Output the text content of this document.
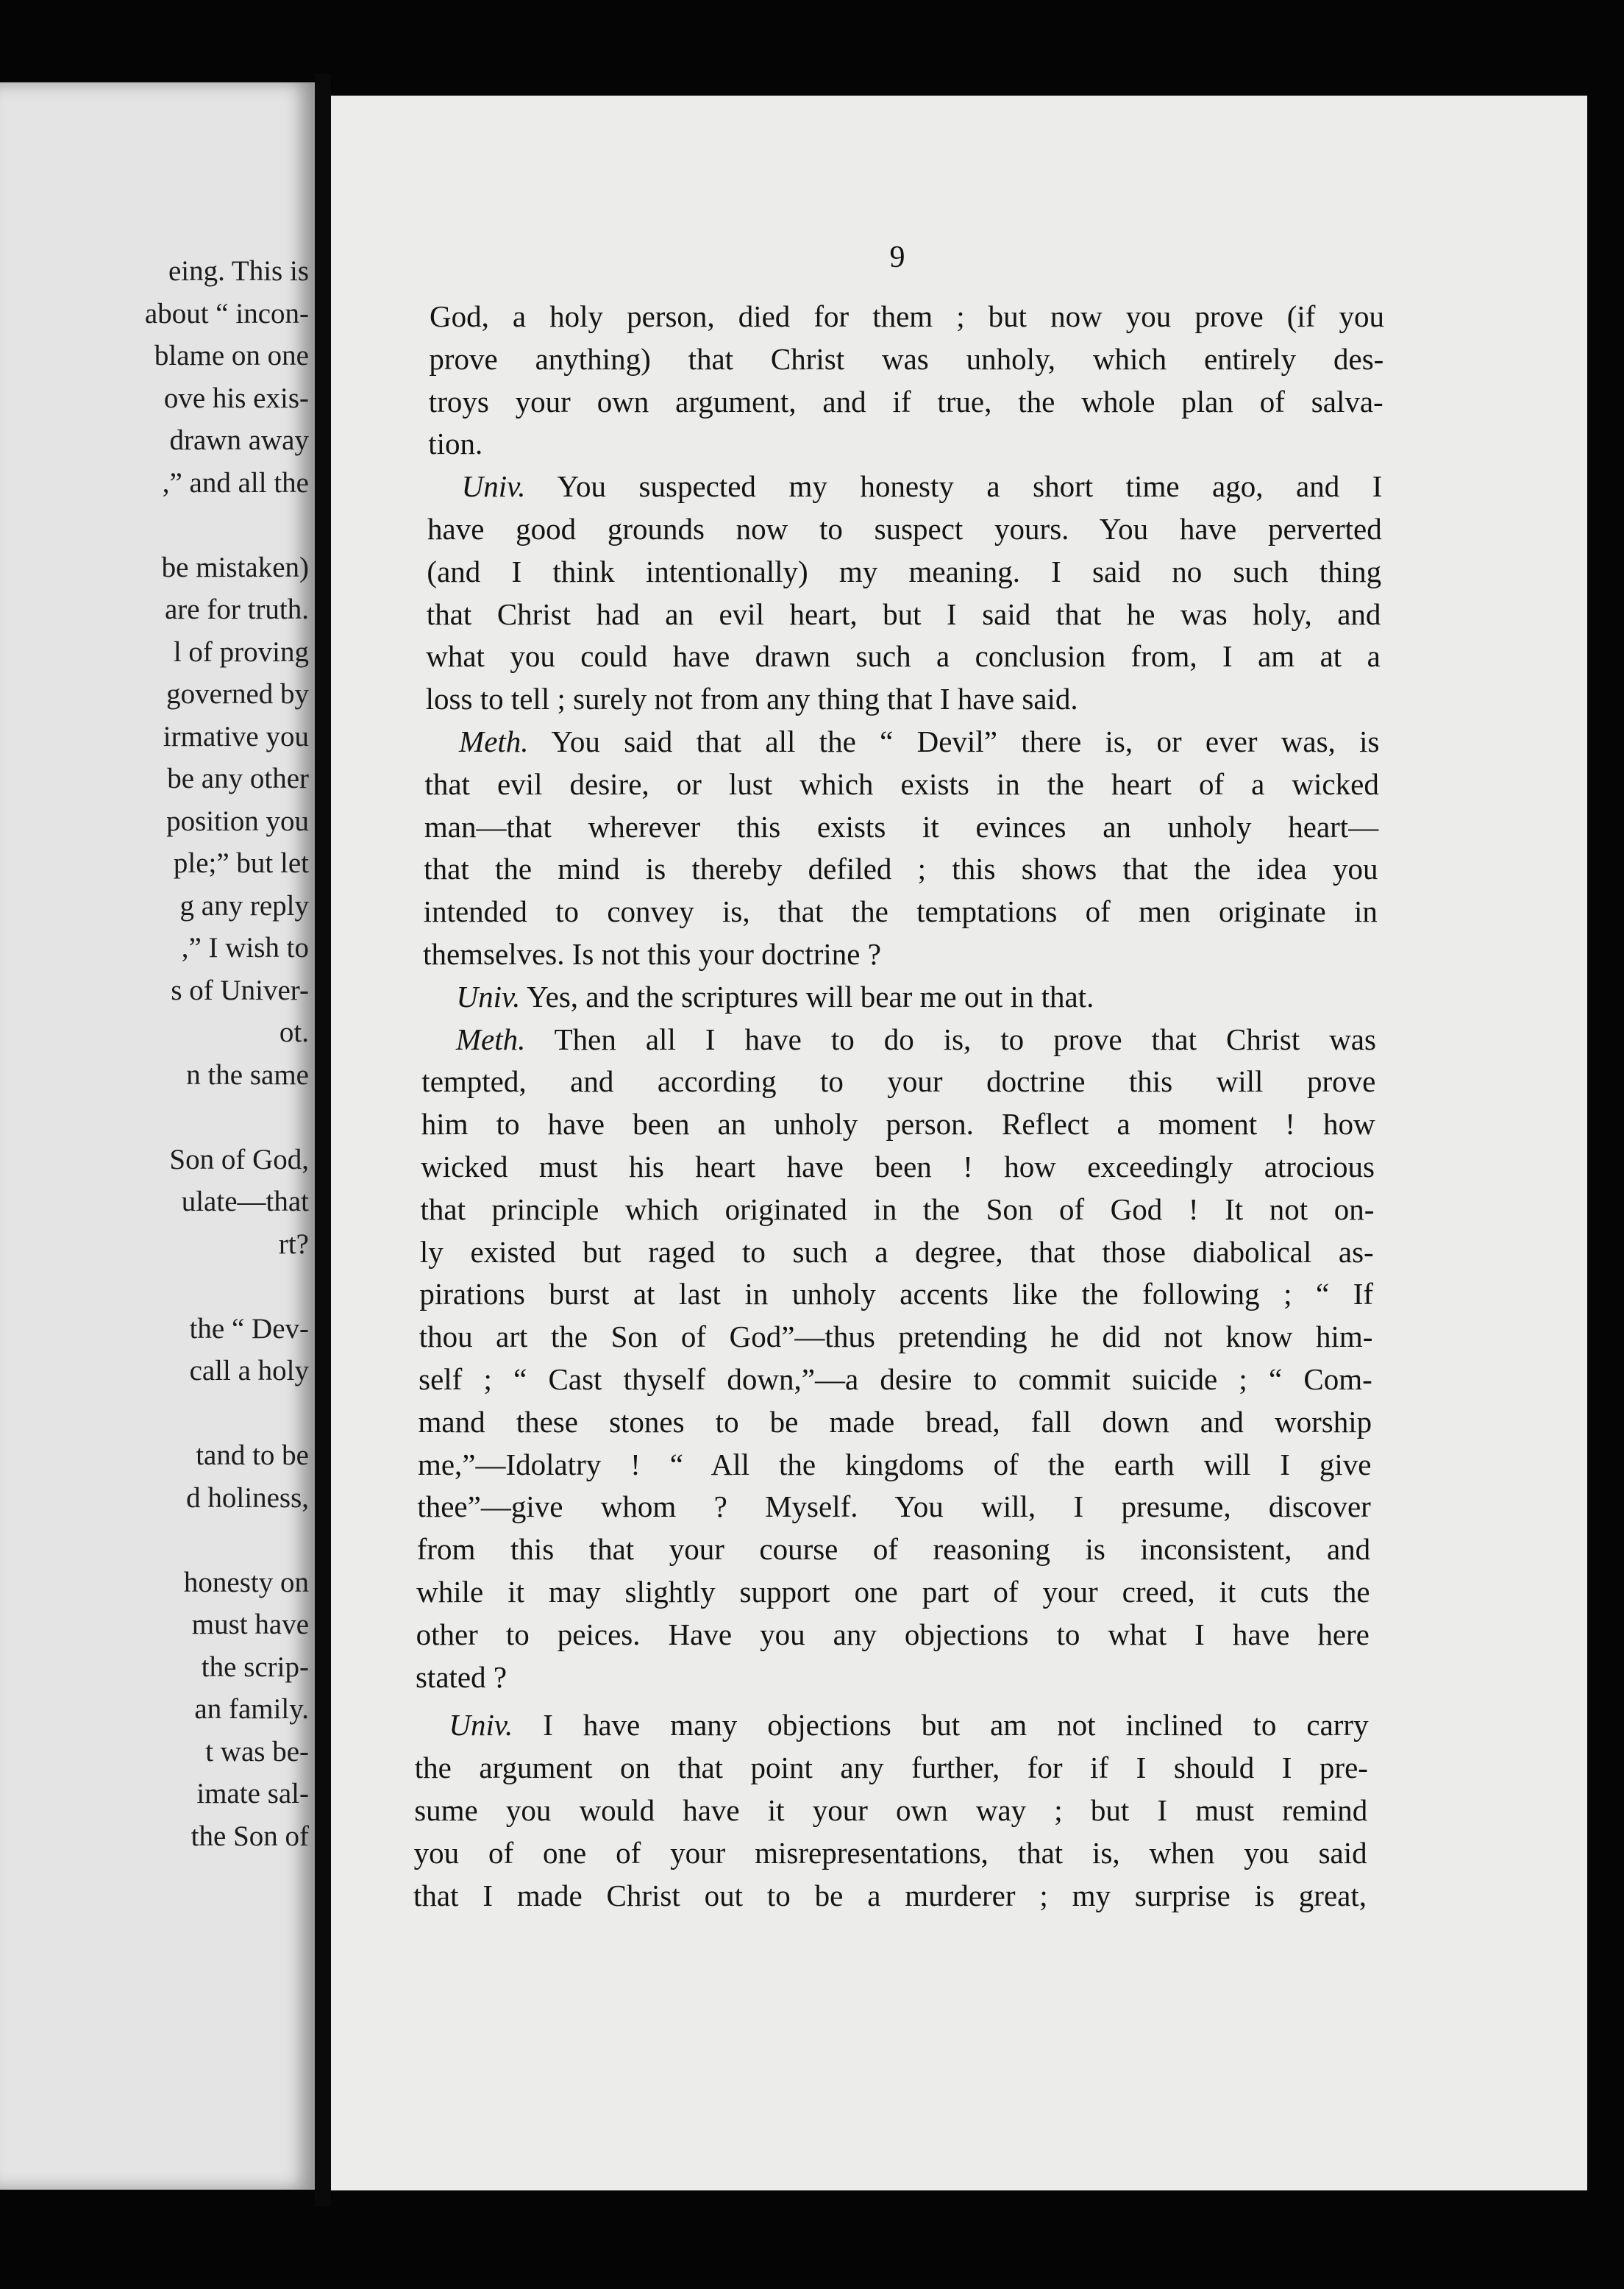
eing. This is
about “ incon-
blame on one
ove his exis-
drawn away
,” and all the
be mistaken)
are for truth.
l of proving
governed by
irmative you
be any other
position you
ple;” but let
g any reply
,” I wish to
s of Univer-
ot.
n the same
Son of God,
ulate—that
rt?
the “ Dev-
call a holy
tand to be
d holiness,
honesty on
must have
the scrip-
an family.
t was be-
imate sal-
the Son of
9
God, a holy person, died for them ; but now you prove (if you
prove anything) that Christ was unholy, which entirely des-
troys your own argument, and if true, the whole plan of salva-
tion.
Univ. You suspected my honesty a short time ago, and I
have good grounds now to suspect yours. You have perverted
(and I think intentionally) my meaning. I said no such thing
that Christ had an evil heart, but I said that he was holy, and
what you could have drawn such a conclusion from, I am at a
loss to tell ; surely not from any thing that I have said.
Meth. You said that all the “ Devil” there is, or ever was, is
that evil desire, or lust which exists in the heart of a wicked
man—that wherever this exists it evinces an unholy heart—
that the mind is thereby defiled ; this shows that the idea you
intended to convey is, that the temptations of men originate in
themselves. Is not this your doctrine ?
Univ. Yes, and the scriptures will bear me out in that.
Meth. Then all I have to do is, to prove that Christ was
tempted, and according to your doctrine this will prove
him to have been an unholy person. Reflect a moment ! how
wicked must his heart have been ! how exceedingly atrocious
that principle which originated in the Son of God ! It not on-
ly existed but raged to such a degree, that those diabolical as-
pirations burst at last in unholy accents like the following ; “ If
thou art the Son of God”—thus pretending he did not know him-
self ; “ Cast thyself down,”—a desire to commit suicide ; “ Com-
mand these stones to be made bread, fall down and worship
me,”—Idolatry ! “ All the kingdoms of the earth will I give
thee”—give whom ? Myself. You will, I presume, discover
from this that your course of reasoning is inconsistent, and
while it may slightly support one part of your creed, it cuts the
other to peices. Have you any objections to what I have here
stated ?
Univ. I have many objections but am not inclined to carry
the argument on that point any further, for if I should I pre-
sume you would have it your own way ; but I must remind
you of one of your misrepresentations, that is, when you said
that I made Christ out to be a murderer ; my surprise is great,
